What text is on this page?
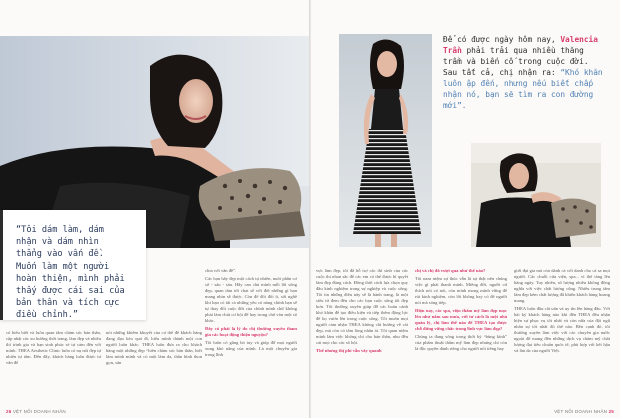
“Tôi dám làm, dám
nhận và dám nhìn
thẳng vào vấn đề.
Muốn làm một người
hoàn thiện, mình phải
thấy được cái sai của
bản thân và tích cực
điều chỉnh.”

có hiểu biết và luôn quan tâm chăm sóc bản thân, cập nhật các xu hướng thời trang, làm đẹp và nhiều thì trình gia và bạn sinh phúc sẻ tự cảm đến với mình. THEA Aesthetic Clinic luôn có nụ nổi đẹp tự nhiên tự tâm. Đến đây, khách hàng luôn được tư vấn để

chia với vấn đề”.

Các bạn hãy đẹp một cách tự nhiên, nuôi phần cơ sở - sáu - sáu. Hãy can chủ mình mỗi lời sống đẹp, quan tâm tới chat sẽ với đời những gì bạn mang nhìn sẽ được. Còn để đổi đổi ít, sởi nghề khi bạn có tất cả những yêu có nàng chính bạn sẽ tự thay đổi cuộc đời của chính mình chứ không phải làm chút cơ hội để hay trong chở vòn một số khác.

Đây có phải là lý do chị thường xuyên tham gia các hoạt động thiện nguyện?

Tôi luôn có gắng bỏ tuy và giúp đỡ mọi người xung khó nắng của mình. Là một chuyên gia trong lĩnh

nói những khiếm khuyết của cơ thể để khách hàng đang đạo kèo quá đỉ, hiểu mình thành một con người luôn khác. THEA luôn đưa ra cho khách hàng một những đẹp “hiến chăm sóc bản thân, biết làm mình mình và có một làm da, thân hình thon gọn, săn

26 VỆT NỐI DOANH NHÂN
Để có được ngày hôm nay, Valencia Trần phải trải qua nhiều thăng trầm và biến cố trong cuộc đời. Sau tất cả, chị nhận ra: “Khó khăn luôn ập đến, nhưng nếu biết chấp nhận nó, bạn sẽ tìm ra con đường mới”.

vực làm đẹp, tôi đã hỗ trợ các thí sinh của các cuộc thi nhan sắc để các em có thể được bí quyết làm đẹp đúng cách. Đồng thời cách lựa chọn quy đầu kinh nghiệm trong sự nghiệp và cuộc sống. Tôi tin những điều này sẽ là hành trang, là một siêu tử đem đến cho các bạn cuộc sống tốt đẹp hơn. Tôi thường xuyên giúp đỡ các hoàn cảnh khó khăn để tạo điều kiện và tiếp thêm động lực để họ vươn lên trong cuộc sống. Tôi muốn mọi người cảm nhận THEA không chỉ hướng về cái đẹp, mà còn có tấm lòng nhân ái. Tôi quan niệm mình làm việc không chỉ cho bản thân, nhu đều cải mọi cho các số hội.

Thế nhưng thị phỉ vẫn vây quanh

chị và chị đã vượt qua như thế nào?

Tôi nam niệm sự thúc vẫn là sự thật nên chúng việc gì phải thanh minh. Miềng đời, người cứ thích nói có nói, còn mình mong mình vững để rút kinh nghiệm, còn lời không hay có để người nói mà sóng tiếp.

Hiện nay, các spa, viện thẩm mỹ làm đẹp mọc lên như nấm sau mưa, với tư cách là một nhà quản lý, chị làm thế nào để THEA tạo được chỗ đứng vững chắc trong lĩnh vực làm đẹp?

Chúng ta đang sống trong thời kỳ “bùng kính” của phẩm thuật thẩm mỹ làm đẹp nhưng chỉ còn lá độc quyền dành riêng cho người nổi tiếng hay

giới đại gia mà còn dành cả với danh cho cả sa mọi người. Các chuỗi cửa viện, spa... vì thế tăng lên hàng ngày. Tuy nhiên, số lượng nhiều không đồng nghĩa với việc chất lượng cũng. Nhiều trung tâm làm đẹp kém chất lượng đã khiến khách hàng hoang mang.

THEA luôn đầu cắt uấn và uy tín lên hàng đầu. Với bài ký khách hàng nào khi đến THEA đều nhận hiện sự phục vụ tốt nhất và còn nữa của đội ngũ nhân sự tốt nhất đó thế nào. Bên cạnh đó, tôi thường xuyên làm việc với các chuyên gia nước ngoài để mang đến những dịch vụ chăm mỹ chất lượng đạt tiêu chuẩn quốc tế, phù hợp với kết hậu và làn da của người Việt.

VỆT NỐI DOANH NHÂN 25
